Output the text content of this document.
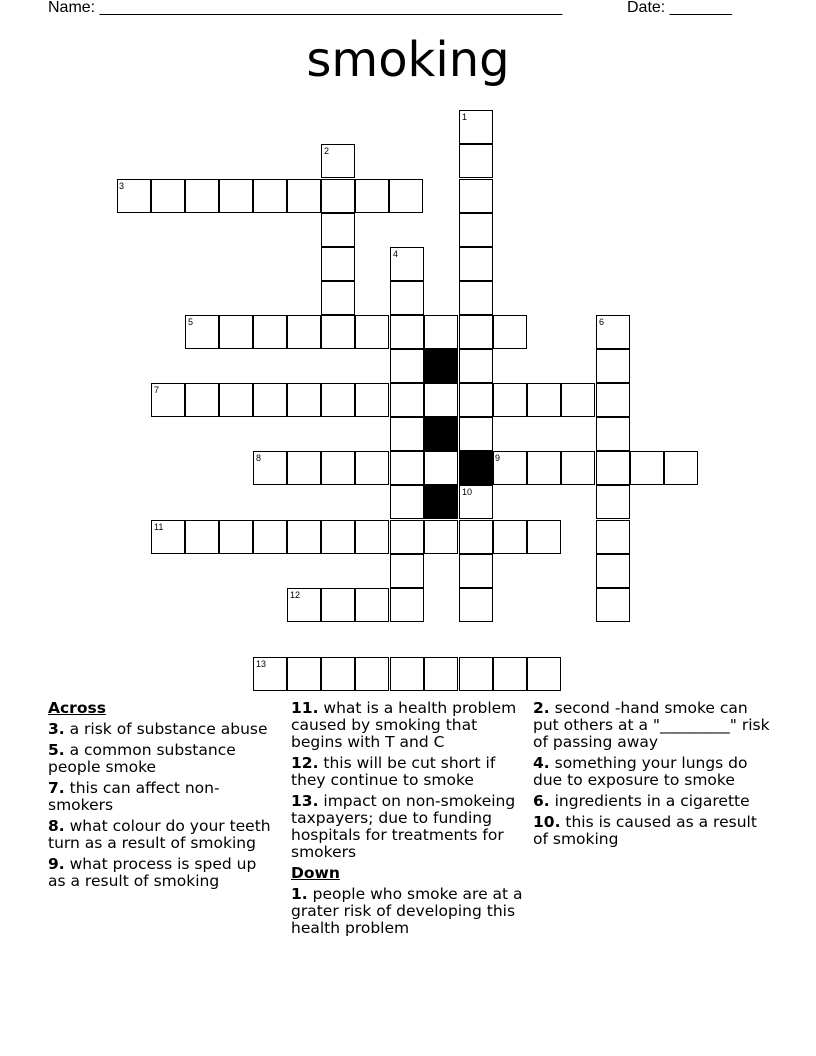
Name: ____________________________________________________	Date: _______
smoking
1
2
3
4
5	6
7
8	9
10
11
12
13
Across
3. a risk of substance abuse
5. a common substance people smoke
7. this can affect non-smokers
8. what colour do your teeth turn as a result of smoking
9. what process is sped up as a result of smoking
11. what is a health problem caused by smoking that begins with T and C
12. this will be cut short if they continue to smoke
13. impact on non-smokeing taxpayers; due to funding hospitals for treatments for smokers
Down
1. people who smoke are at a grater risk of developing this health problem
2. second -hand smoke can put others at a "_________" risk of passing away
4. something your lungs do due to exposure to smoke
6. ingredients in a cigarette
10. this is caused as a result of smoking
